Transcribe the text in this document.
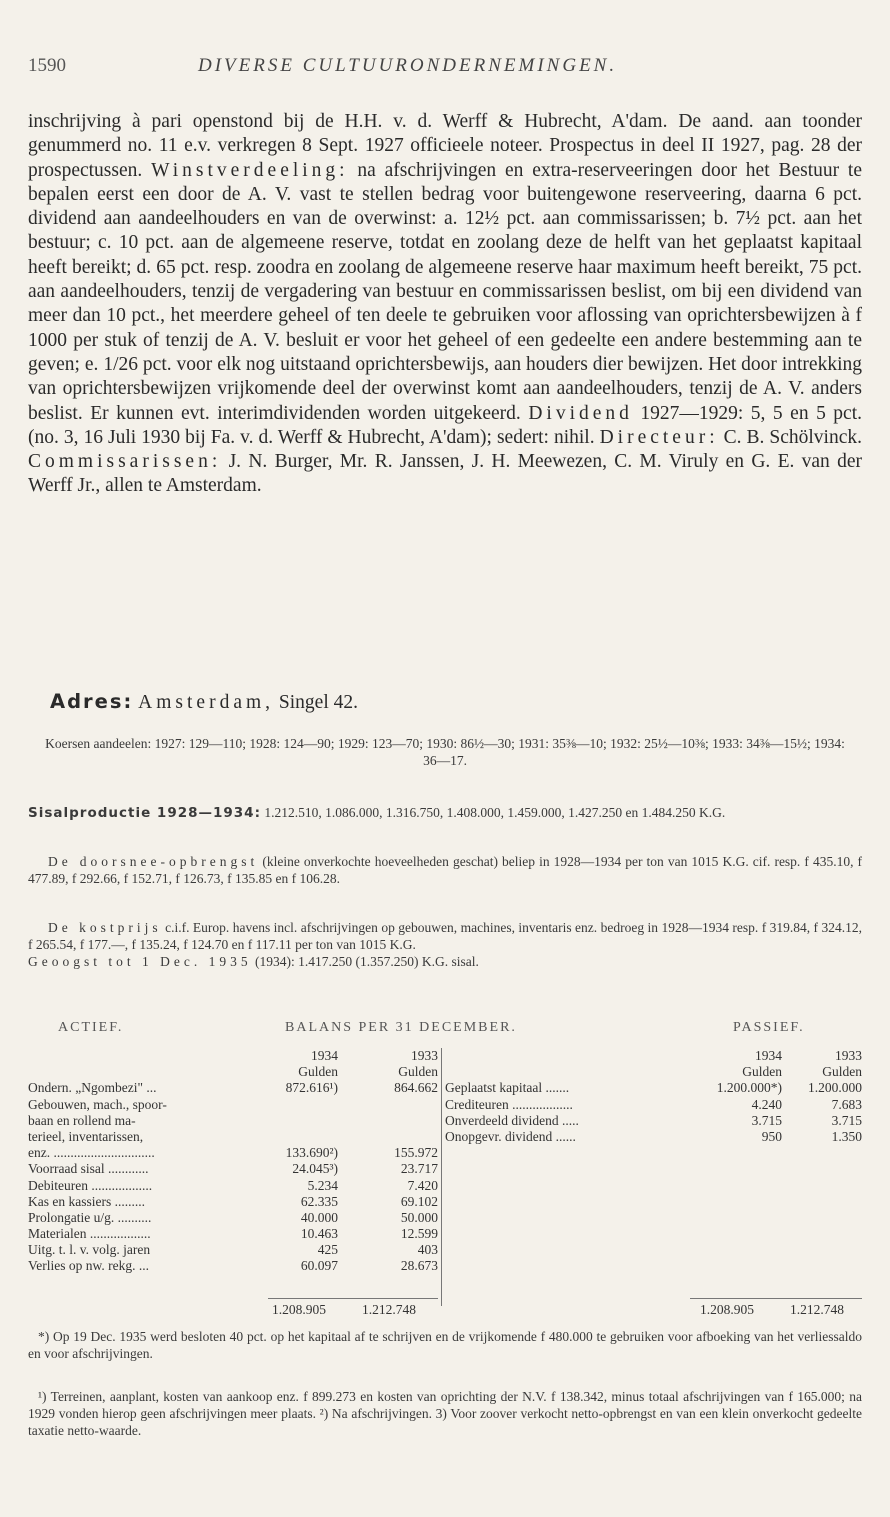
1590	DIVERSE CULTUURONDERNEMINGEN.

inschrijving à pari openstond bij de H.H. v. d. Werff & Hubrecht, A'dam. De aand. aan toonder genummerd no. 11 e.v. verkregen 8 Sept. 1927 officieele noteer. Prospectus in deel II 1927, pag. 28 der prospectussen. Winstverdeeling: na afschrijvingen en extra-reserveeringen door het Bestuur te bepalen eerst een door de A. V. vast te stellen bedrag voor buitengewone reserveering, daarna 6 pct. dividend aan aandeelhouders en van de overwinst: a. 12½ pct. aan commissarissen; b. 7½ pct. aan het bestuur; c. 10 pct. aan de algemeene reserve, totdat en zoolang deze de helft van het geplaatst kapitaal heeft bereikt; d. 65 pct. resp. zoodra en zoolang de algemeene reserve haar maximum heeft bereikt, 75 pct. aan aandeelhouders, tenzij de vergadering van bestuur en commissarissen beslist, om bij een dividend van meer dan 10 pct., het meerdere geheel of ten deele te gebruiken voor aflossing van oprichtersbewijzen à f 1000 per stuk of tenzij de A. V. besluit er voor het geheel of een gedeelte een andere bestemming aan te geven; e. 1/26 pct. voor elk nog uitstaand oprichtersbewijs, aan houders dier bewijzen. Het door intrekking van oprichtersbewijzen vrijkomende deel der overwinst komt aan aandeelhouders, tenzij de A. V. anders beslist. Er kunnen evt. interimdividenden worden uitgekeerd. Dividend 1927—1929: 5, 5 en 5 pct. (no. 3, 16 Juli 1930 bij Fa. v. d. Werff & Hubrecht, A'dam); sedert: nihil. Directeur: C. B. Schölvinck. Commissarissen: J. N. Burger, Mr. R. Janssen, J. H. Meewezen, C. M. Viruly en G. E. van der Werff Jr., allen te Amsterdam.

Adres: Amsterdam, Singel 42.
Koersen aandeelen: 1927: 129—110; 1928: 124—90; 1929: 123—70; 1930: 86½—30; 1931: 35⅜—10; 1932: 25½—10⅜; 1933: 34⅜—15½; 1934: 36—17.
Sisalproductie 1928—1934: 1.212.510, 1.086.000, 1.316.750, 1.408.000, 1.459.000, 1.427.250 en 1.484.250 K.G.
De doorsnee-opbrengst (kleine onverkochte hoeveelheden geschat) beliep in 1928—1934 per ton van 1015 K.G. cif. resp. f 435.10, f 477.89, f 292.66, f 152.71, f 126.73, f 135.85 en f 106.28.
De kostprijs c.i.f. Europ. havens incl. afschrijvingen op gebouwen, machines, inventaris enz. bedroeg in 1928—1934 resp. f 319.84, f 324.12, f 265.54, f 177.—, f 135.24, f 124.70 en f 117.11 per ton van 1015 K.G.
Geoogst tot 1 Dec. 1935 (1934): 1.417.250 (1.357.250) K.G. sisal.
ACTIEF.	BALANS PER 31 DECEMBER.	PASSIEF.
1934	1933
Gulden	Gulden
Ondern. „Ngombezi" ...	872.616¹)	864.662
Gebouwen, mach., spoor-
baan en rollend ma-
terieel, inventarissen,
enz. ..............................	133.690²)	155.972
Voorraad sisal ............	24.045³)	23.717
Debiteuren ..................	5.234	7.420
Kas en kassiers .........	62.335	69.102
Prolongatie u/g. ..........	40.000	50.000
Materialen ..................	10.463	12.599
Uitg. t. l. v. volg. jaren	425	403
Verlies op nw. rekg. ...	60.097	28.673
1934	1933
Gulden	Gulden
Geplaatst kapitaal .......	1.200.000*)	1.200.000
Crediteuren ..................	4.240	7.683
Onverdeeld dividend .....	3.715	3.715
Onopgevr. dividend ......	950	1.350
1.208.905	1.212.748	1.208.905	1.212.748
*) Op 19 Dec. 1935 werd besloten 40 pct. op het kapitaal af te schrijven en de vrijkomende f 480.000 te gebruiken voor afboeking van het verliessaldo en voor afschrijvingen.
¹) Terreinen, aanplant, kosten van aankoop enz. f 899.273 en kosten van oprichting der N.V. f 138.342, minus totaal afschrijvingen van f 165.000; na 1929 vonden hierop geen afschrijvingen meer plaats. ²) Na afschrijvingen. 3) Voor zoover verkocht netto-opbrengst en van een klein onverkocht gedeelte taxatie netto-waarde.
